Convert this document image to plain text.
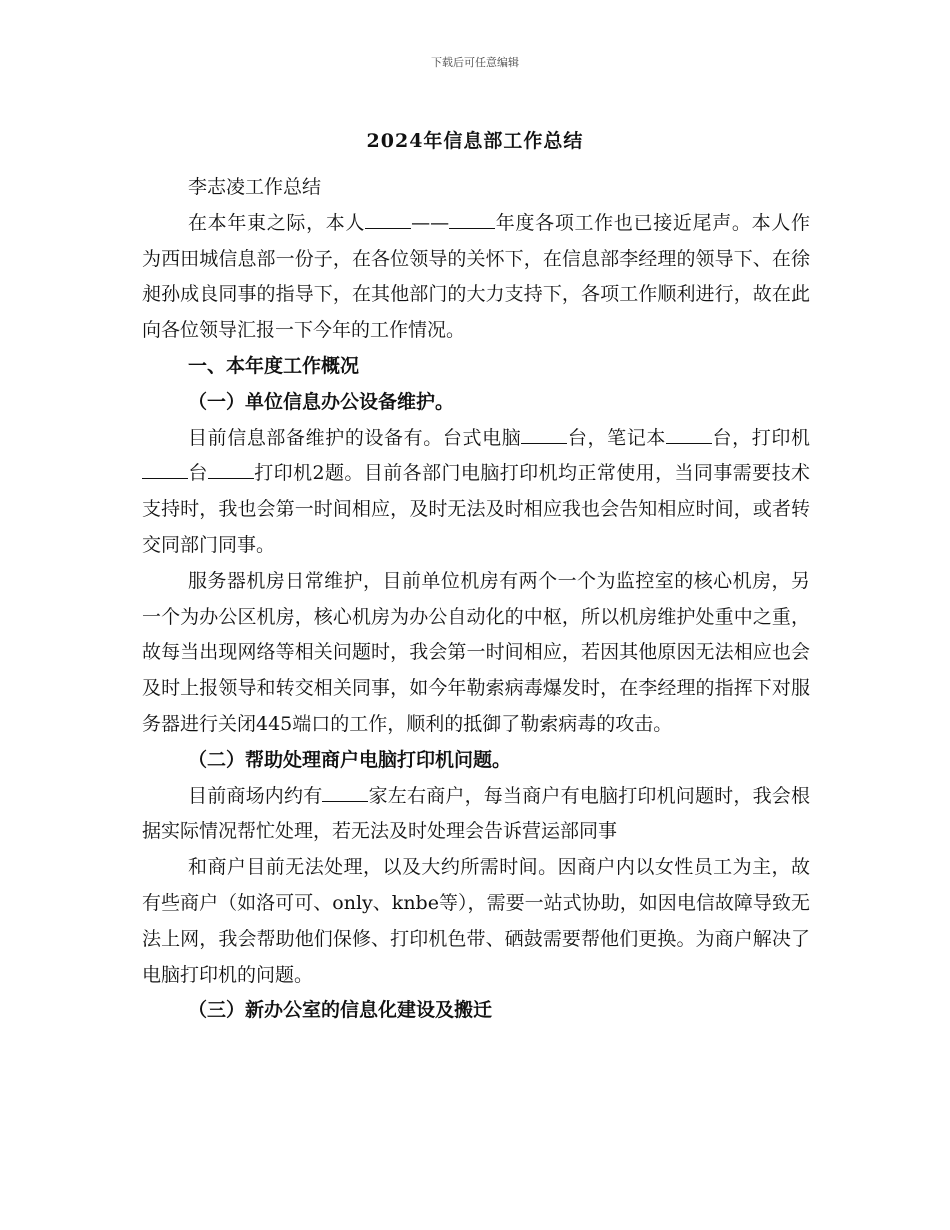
下载后可任意编辑
2024年信息部工作总结

李志凌工作总结

在本年東之际，本人 —— 年度各项工作也已接近尾声。本人作为西田城信息部一份子，在各位领导的关怀下，在信息部李经理的领导下、在徐昶孙成良同事的指导下，在其他部门的大力支持下，各项工作顺利进行，故在此向各位领导汇报一下今年的工作情况。

一、本年度工作概况

（一）单位信息办公设备维护。

目前信息部备维护的设备有。台式电脑 台，笔记本 台，打印机台 打印机2题。目前各部门电脑打印机均正常使用，当同事需要技术支持时，我也会第一时间相应，及时无法及时相应我也会告知相应时间，或者转交同部门同事。

服务器机房日常维护，目前单位机房有两个一个为监控室的核心机房，另一个为办公区机房，核心机房为办公自动化的中枢，所以机房维护处重中之重，故每当出现网络等相关问题时，我会第一时间相应，若因其他原因无法相应也会及时上报领导和转交相关同事，如今年勒索病毒爆发时，在李经理的指挥下对服务器进行关闭445端口的工作，顺利的抵御了勒索病毒的攻击。

（二）帮助处理商户电脑打印机问题。

目前商场内约有 家左右商户，每当商户有电脑打印机问题时，我会根据实际情况帮忙处理，若无法及时处理会告诉营运部同事

和商户目前无法处理，以及大约所需时间。因商户内以女性员工为主，故有些商户（如洛可可、only、knbe等），需要一站式协助，如因电信故障导致无法上网，我会帮助他们保修、打印机色带、硒鼓需要帮他们更换。为商户解决了电脑打印机的问题。

（三）新办公室的信息化建设及搬迁
